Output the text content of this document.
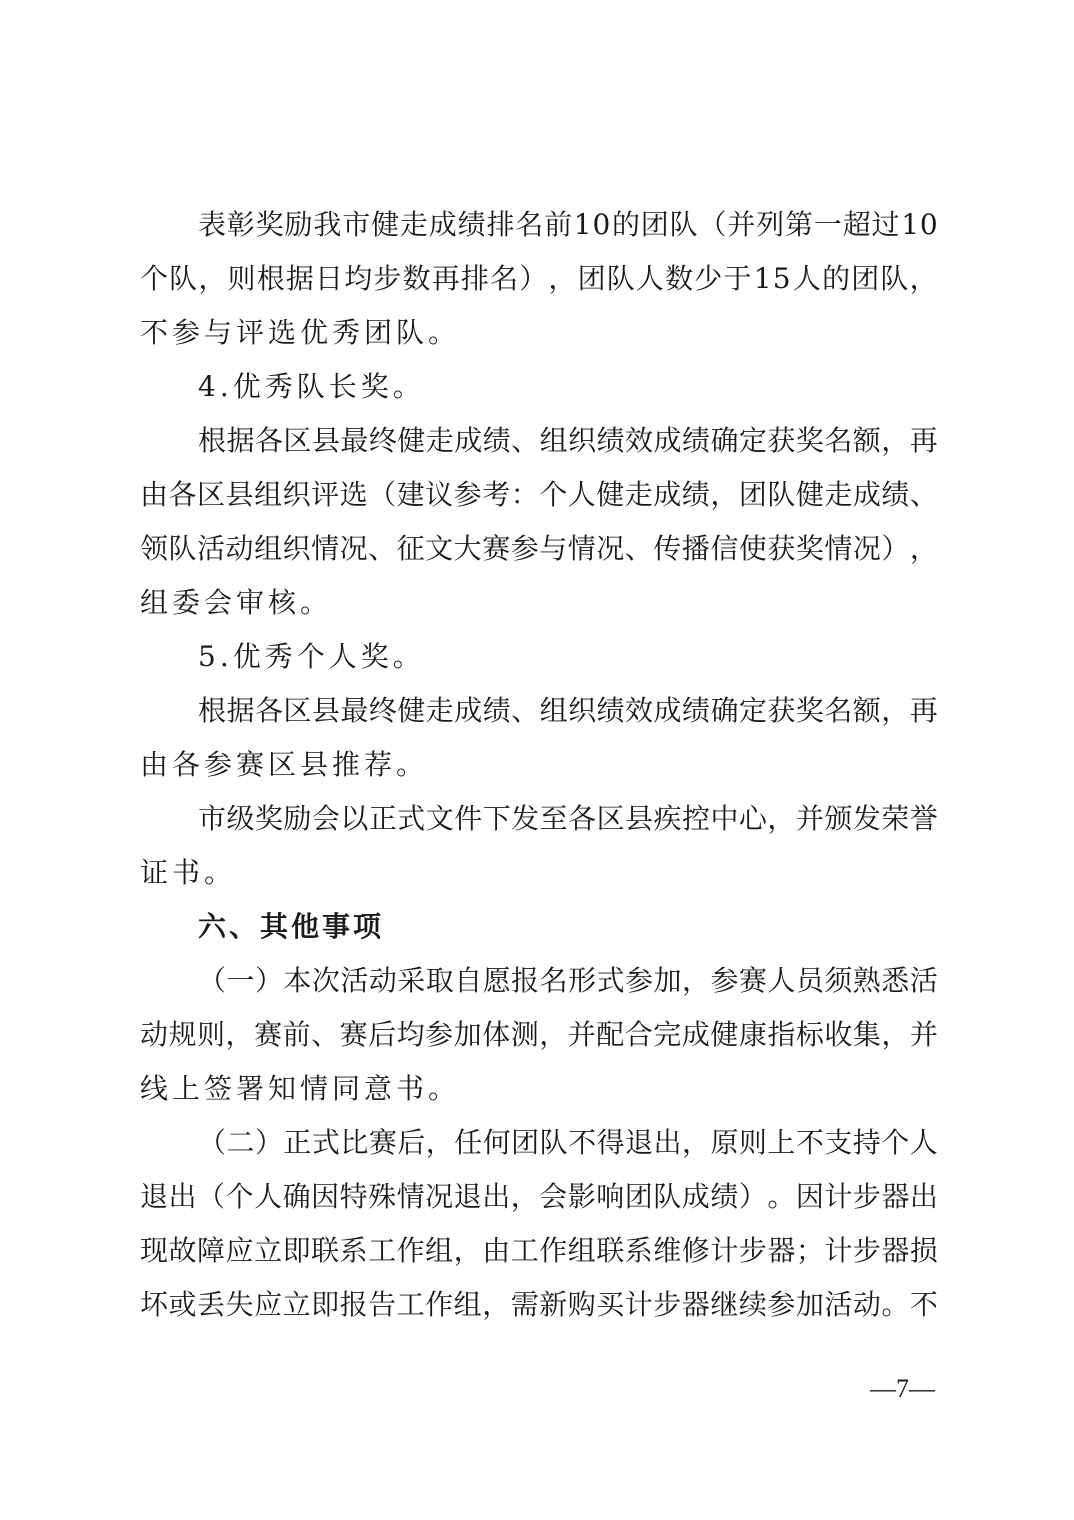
表 彰 奖 励 我 市 健 走 成 绩 排 名 前 1 0 的 团 队 （ 并 列 第 一 超 过 1 0
个 队 ， 则 根 据 日 均 步 数 再 排 名 ） ， 团 队 人 数 少 于 1 5 人 的 团 队 ，
不参与评选优秀团队。
4.优秀队长奖。
根 据 各 区 县 最 终 健 走 成 绩 、 组 织 绩 效 成 绩 确 定 获 奖 名 额 ， 再
由 各 区 县 组 织 评 选 （ 建 议 参 考 ： 个 人 健 走 成 绩 ， 团 队 健 走 成 绩 、
领 队 活 动 组 织 情 况 、 征 文 大 赛 参 与 情 况 、 传 播 信 使 获 奖 情 况 ） ，
组委会审核。
5.优秀个人奖。
根 据 各 区 县 最 终 健 走 成 绩 、 组 织 绩 效 成 绩 确 定 获 奖 名 额 ， 再
由各参赛区县推荐。
市 级 奖 励 会 以 正 式 文 件 下 发 至 各 区 县 疾 控 中 心 ， 并 颁 发 荣 誉
证书。
六、其他事项
（ 一 ） 本 次 活 动 采 取 自 愿 报 名 形 式 参 加 ， 参 赛 人 员 须 熟 悉 活
动 规 则 ， 赛 前 、 赛 后 均 参 加 体 测 ， 并 配 合 完 成 健 康 指 标 收 集 ， 并
线上签署知情同意书。
（ 二 ） 正 式 比 赛 后 ， 任 何 团 队 不 得 退 出 ， 原 则 上 不 支 持 个 人
退 出 （ 个 人 确 因 特 殊 情 况 退 出 ， 会 影 响 团 队 成 绩 ） 。 因 计 步 器 出
现 故 障 应 立 即 联 系 工 作 组 ， 由 工 作 组 联 系 维 修 计 步 器 ； 计 步 器 损
坏 或 丢 失 应 立 即 报 告 工 作 组 ， 需 新 购 买 计 步 器 继 续 参 加 活 动 。 不
—7—
